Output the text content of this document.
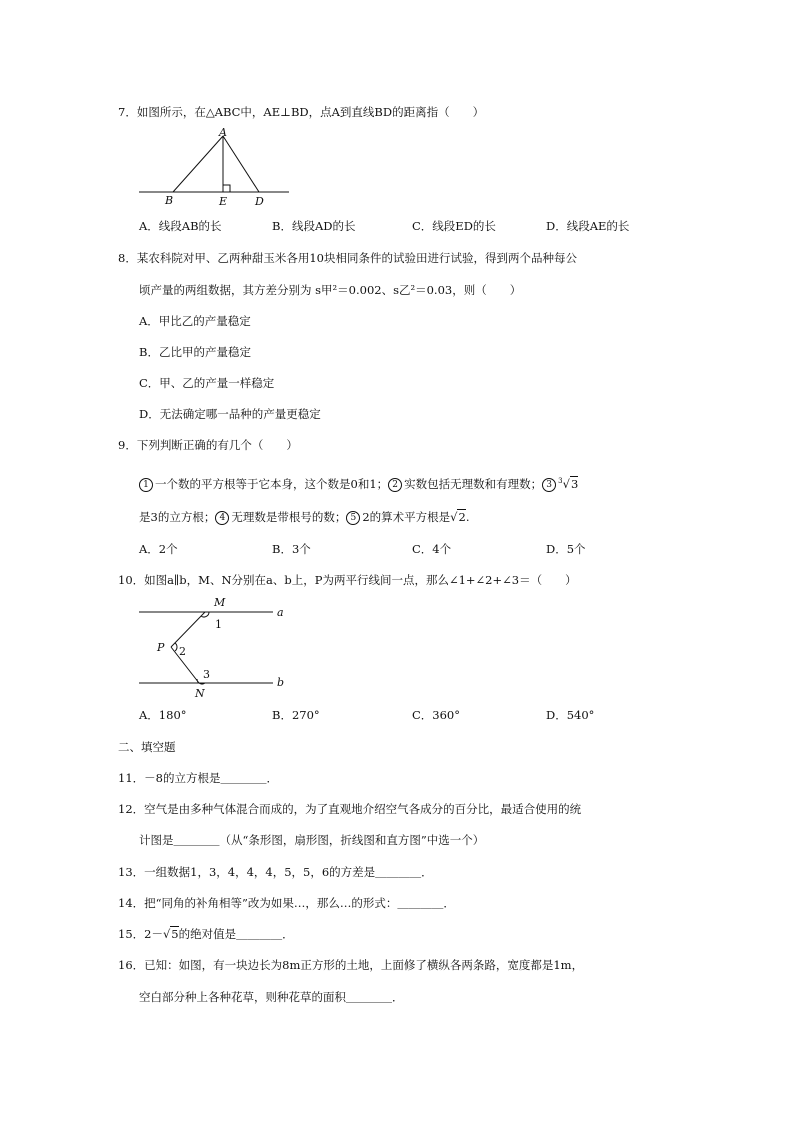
7．如图所示，在△ABC中，AE⊥BD，点A到直线BD的距离指（　　）
A
B	E	D
A．线段AB的长	B．线段AD的长	C．线段ED的长	D．线段AE的长
8．某农科院对甲、乙两种甜玉米各用10块相同条件的试验田进行试验，得到两个品种每公
顷产量的两组数据，其方差分别为 s甲²＝0.002、s乙²＝0.03，则（　　）
A．甲比乙的产量稳定
B．乙比甲的产量稳定
C．甲、乙的产量一样稳定
D．无法确定哪一品种的产量更稳定
9．下列判断正确的有几个（　　）
1 一个数的平方根等于它本身，这个数是0和1； 2 实数包括无理数和有理数； 3 $^3$√3
是3的立方根； 4 无理数是带根号的数； 5 2的算术平方根是√2.
A．2个	B．3个	C．4个	D．5个
10．如图a∥b，M、N分别在a、b上，P为两平行线间一点，那么∠1+∠2+∠3＝（　　）
M
a
1
P 2
3
N
b
A．180°	B．270°	C．360°	D．540°
二、填空题
11．－8的立方根是＿＿＿＿．
12．空气是由多种气体混合而成的，为了直观地介绍空气各成分的百分比，最适合使用的统
计图是＿＿＿＿（从“条形图，扇形图，折线图和直方图”中选一个）
13．一组数据1，3，4，4，4，5，5，6的方差是＿＿＿＿．
14．把“同角的补角相等”改为如果…，那么…的形式：＿＿＿＿．
15．2－√5的绝对值是＿＿＿＿．
16．已知：如图，有一块边长为8m正方形的土地，上面修了横纵各两条路，宽度都是1m，
空白部分种上各种花草，则种花草的面积＿＿＿＿．
